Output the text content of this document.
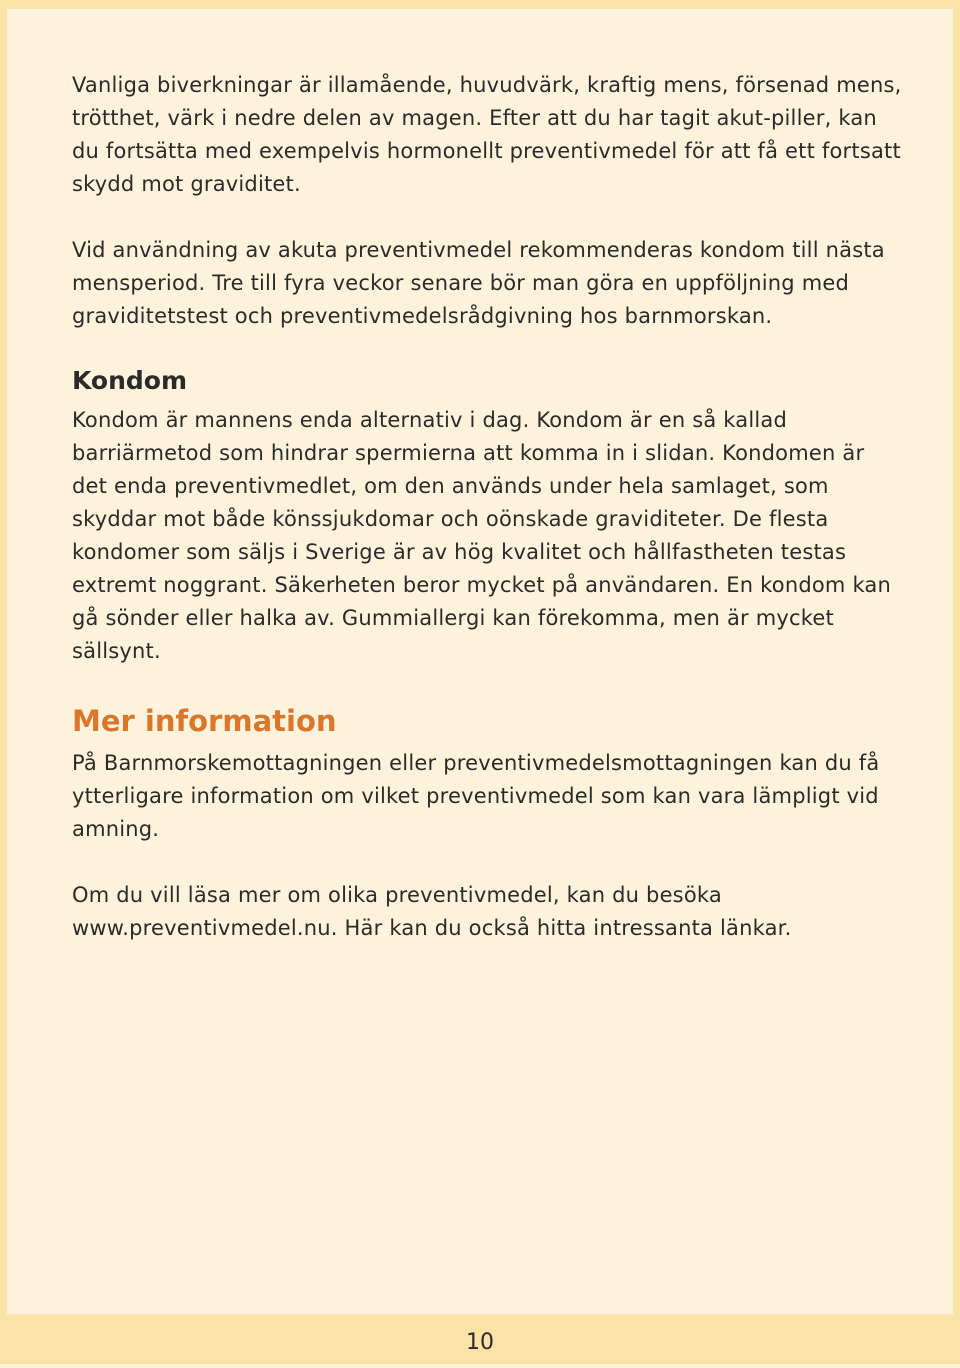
Vanliga biverkningar är illamående, huvudvärk, kraftig mens, försenad mens, trötthet, värk i nedre delen av magen. Efter att du har tagit akut-piller, kan du fortsätta med exempelvis hormonellt preventivmedel för att få ett fortsatt skydd mot graviditet.

Vid användning av akuta preventivmedel rekommenderas kondom till nästa mensperiod. Tre till fyra veckor senare bör man göra en uppföljning med graviditetstest och preventivmedelsrådgivning hos barnmorskan.

Kondom

Kondom är mannens enda alternativ i dag. Kondom är en så kallad barriärmetod som hindrar spermierna att komma in i slidan. Kondomen är det enda preventivmedlet, om den används under hela samlaget, som skyddar mot både könssjukdomar och oönskade graviditeter. De flesta kondomer som säljs i Sverige är av hög kvalitet och hållfastheten testas extremt noggrant. Säkerheten beror mycket på användaren. En kondom kan gå sönder eller halka av. Gummiallergi kan förekomma, men är mycket sällsynt.

Mer information

På Barnmorskemottagningen eller preventivmedelsmottagningen kan du få ytterligare information om vilket preventivmedel som kan vara lämpligt vid amning.

Om du vill läsa mer om olika preventivmedel, kan du besöka www.preventivmedel.nu. Här kan du också hitta intressanta länkar.

10
